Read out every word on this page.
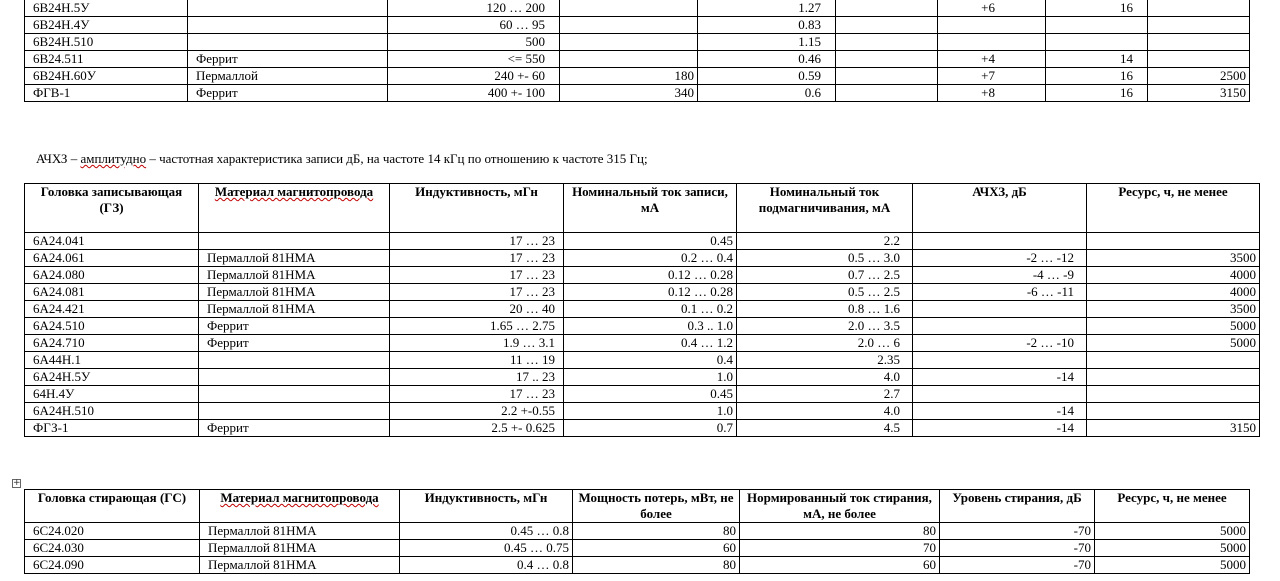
6В24Н.5У		120 … 200		1.27		+6	16	
6В24Н.4У		60 … 95		0.83				
6В24Н.510		500		1.15				
6В24.511	Феррит	<= 550		0.46		+4	14	
6В24Н.60У	Пермаллой	240 +- 60	180	0.59		+7	16	2500
ФГВ-1	Феррит	400 +- 100	340	0.6		+8	16	3150

АЧХЗ – амплитудно – частотная характеристика записи дБ, на частоте 14 кГц по отношению к частоте 315 Гц;

Головка записывающая (ГЗ)	Материал магнитопровода	Индуктивность, мГн	Номинальный ток записи, мА	Номинальный ток подмагничивания, мА	АЧХЗ, дБ	Ресурс, ч, не менее
6А24.041		17 … 23	0.45	2.2		
6А24.061	Пермаллой 81НМА	17 … 23	0.2 … 0.4	0.5 … 3.0	-2 … -12	3500
6А24.080	Пермаллой 81НМА	17 … 23	0.12 … 0.28	0.7 … 2.5	-4 … -9	4000
6А24.081	Пермаллой 81НМА	17 … 23	0.12 … 0.28	0.5 … 2.5	-6 … -11	4000
6А24.421	Пермаллой 81НМА	20 … 40	0.1 … 0.2	0.8 … 1.6		3500
6А24.510	Феррит	1.65 … 2.75	0.3 .. 1.0	2.0 … 3.5		5000
6А24.710	Феррит	1.9 … 3.1	0.4 … 1.2	2.0 … 6	-2 … -10	5000
6А44Н.1		11 … 19	0.4	2.35		
6А24Н.5У		17 .. 23	1.0	4.0	-14	
64Н.4У		17 … 23	0.45	2.7		
6А24Н.510		2.2 +-0.55	1.0	4.0	-14	
ФГЗ-1	Феррит	2.5 +- 0.625	0.7	4.5	-14	3150
+
Головка стирающая (ГС)	Материал магнитопровода	Индуктивность, мГн	Мощность потерь, мВт, не более	Нормированный ток стирания, мА, не более	Уровень стирания, дБ	Ресурс, ч, не менее
6С24.020	Пермаллой 81НМА	0.45 … 0.8	80	80	-70	5000
6С24.030	Пермаллой 81НМА	0.45 … 0.75	60	70	-70	5000
6С24.090	Пермаллой 81НМА	0.4 … 0.8	80	60	-70	5000
